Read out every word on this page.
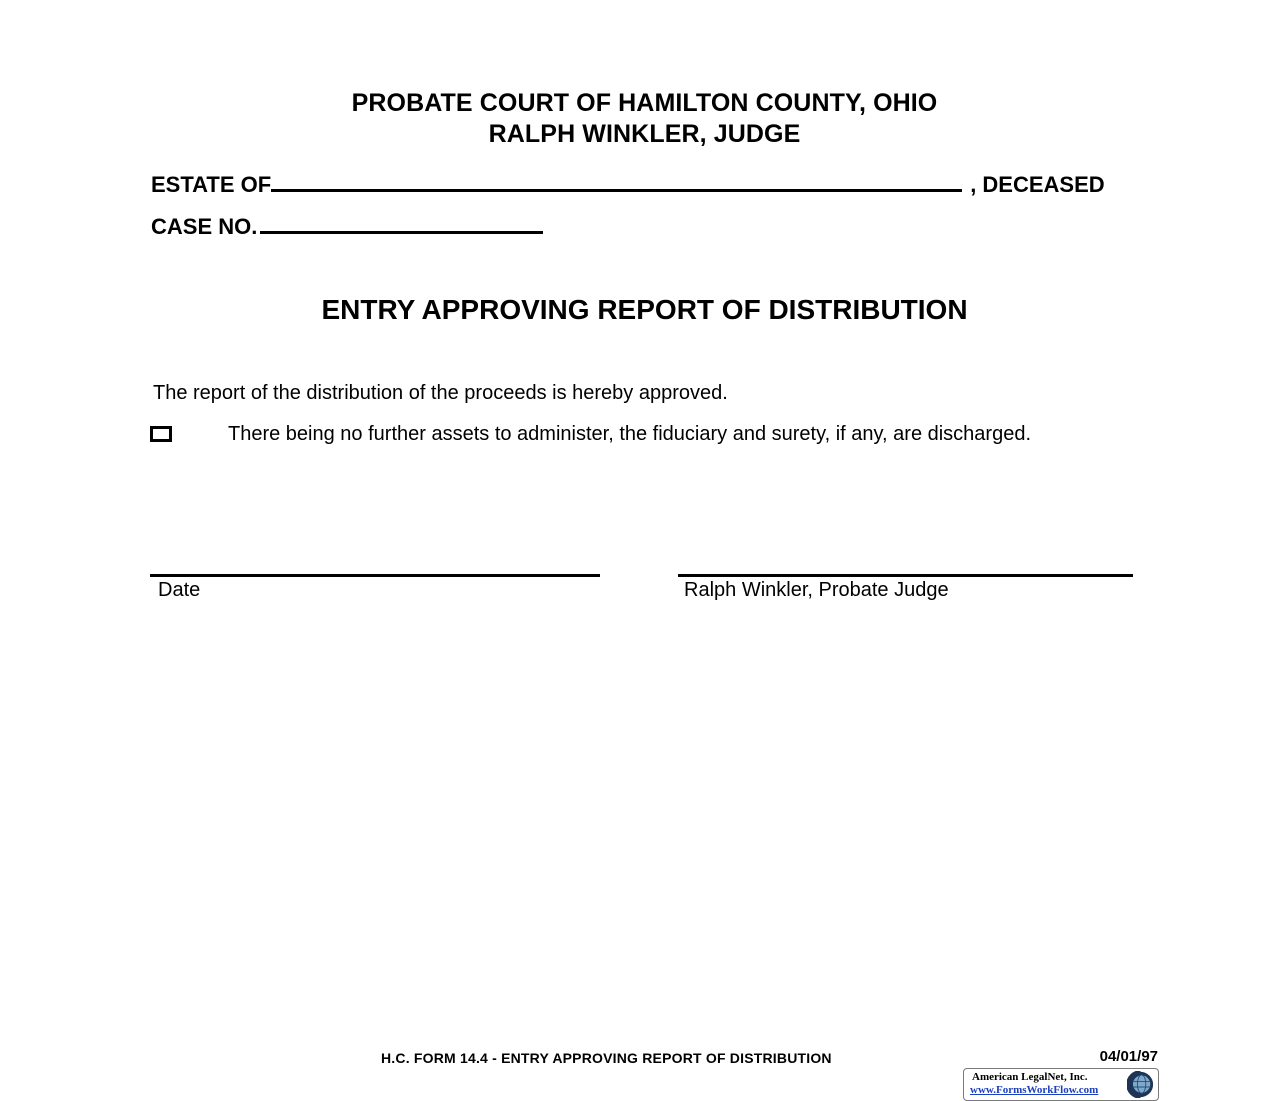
PROBATE COURT OF HAMILTON COUNTY, OHIO
RALPH WINKLER, JUDGE
ESTATE OF	, DECEASED
CASE NO.
ENTRY APPROVING REPORT OF DISTRIBUTION
The report of the distribution of the proceeds is hereby approved.
There being no further assets to administer, the fiduciary and surety, if any, are discharged.
Date	Ralph Winkler, Probate Judge
H.C. FORM 14.4 - ENTRY APPROVING REPORT OF DISTRIBUTION	04/01/97
American LegalNet, Inc.
www.FormsWorkFlow.com
